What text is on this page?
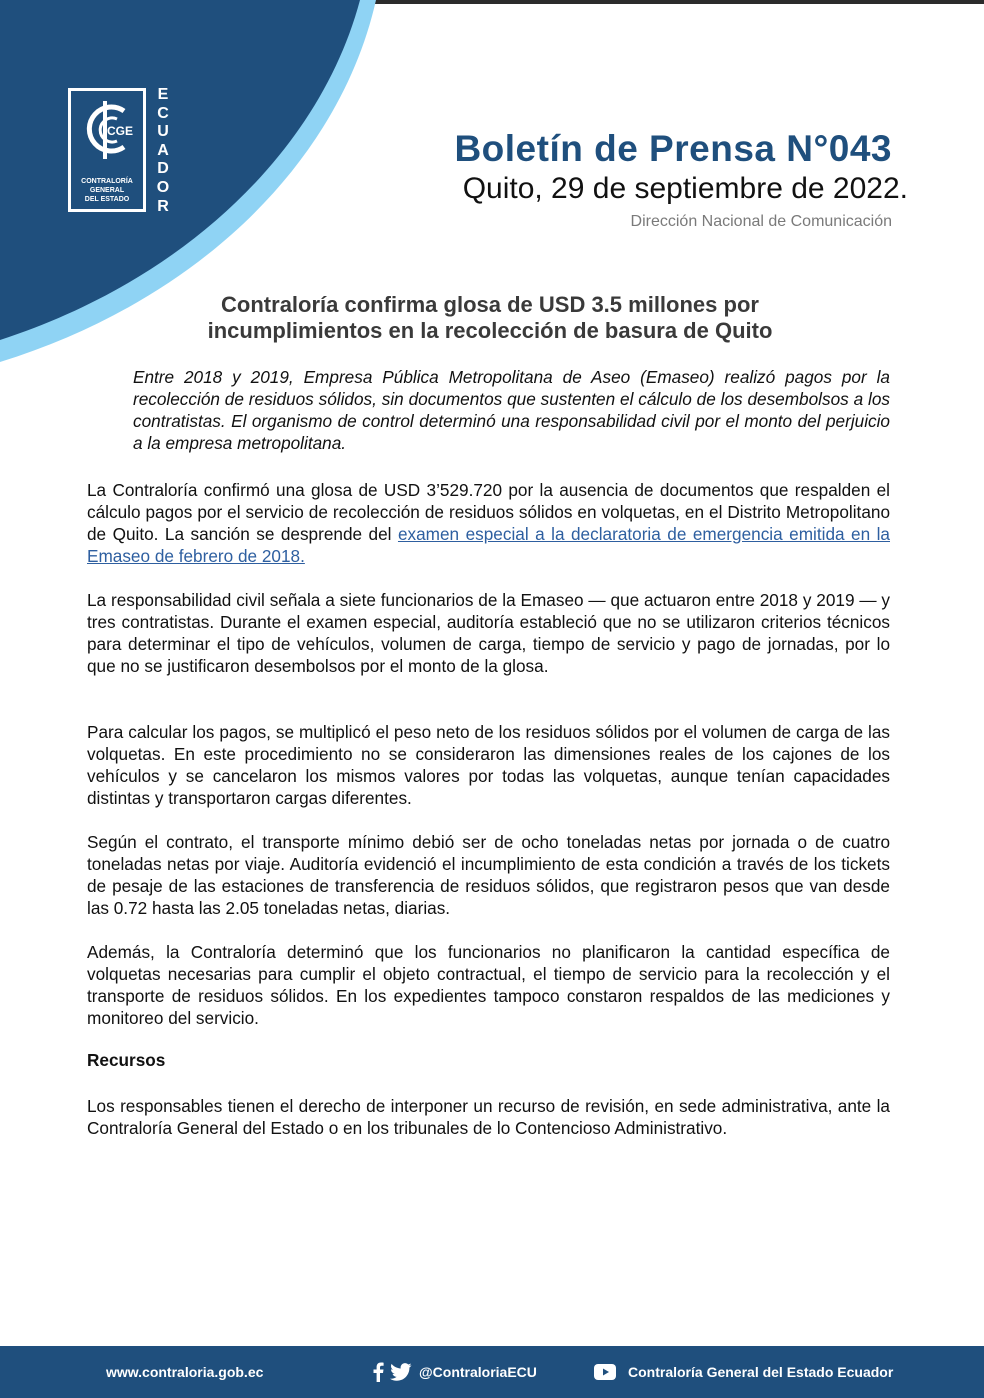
CGE
CONTRALORÍA
GENERAL
DEL ESTADO
E
C
U
A
D
O
R
Boletín de Prensa N°043
Quito, 29 de septiembre de 2022.
Dirección Nacional de Comunicación
Contraloría confirma glosa de USD 3.5 millones por
incumplimientos en la recolección de basura de Quito

Entre 2018 y 2019, Empresa Pública Metropolitana de Aseo (Emaseo) realizó pagos por la recolección de residuos sólidos, sin documentos que sustenten el cálculo de los desembolsos a los contratistas. El organismo de control determinó una responsabilidad civil por el monto del perjuicio a la empresa metropolitana.

La Contraloría confirmó una glosa de USD 3’529.720 por la ausencia de documentos que respalden el cálculo pagos por el servicio de recolección de residuos sólidos en volquetas, en el Distrito Metropolitano de Quito. La sanción se desprende del examen especial a la declaratoria de emergencia emitida en la Emaseo de febrero de 2018.

La responsabilidad civil señala a siete funcionarios de la Emaseo — que actuaron entre 2018 y 2019 — y tres contratistas. Durante el examen especial, auditoría estableció que no se utilizaron criterios técnicos para determinar el tipo de vehículos, volumen de carga, tiempo de servicio y pago de jornadas, por lo que no se justificaron desembolsos por el monto de la glosa.

Para calcular los pagos, se multiplicó el peso neto de los residuos sólidos por el volumen de carga de las volquetas. En este procedimiento no se consideraron las dimensiones reales de los cajones de los vehículos y se cancelaron los mismos valores por todas las volquetas, aunque tenían capacidades distintas y transportaron cargas diferentes.

Según el contrato, el transporte mínimo debió ser de ocho toneladas netas por jornada o de cuatro toneladas netas por viaje. Auditoría evidenció el incumplimiento de esta condición a través de los tickets de pesaje de las estaciones de transferencia de residuos sólidos, que registraron pesos que van desde las 0.72 hasta las 2.05 toneladas netas, diarias.

Además, la Contraloría determinó que los funcionarios no planificaron la cantidad específica de volquetas necesarias para cumplir el objeto contractual, el tiempo de servicio para la recolección y el transporte de residuos sólidos. En los expedientes tampoco constaron respaldos de las mediciones y monitoreo del servicio.

Recursos

Los responsables tienen el derecho de interponer un recurso de revisión, en sede administrativa, ante la Contraloría General del Estado o en los tribunales de lo Contencioso Administrativo.

www.contraloria.gob.ec	@ContraloriaECU	Contraloría General del Estado Ecuador
